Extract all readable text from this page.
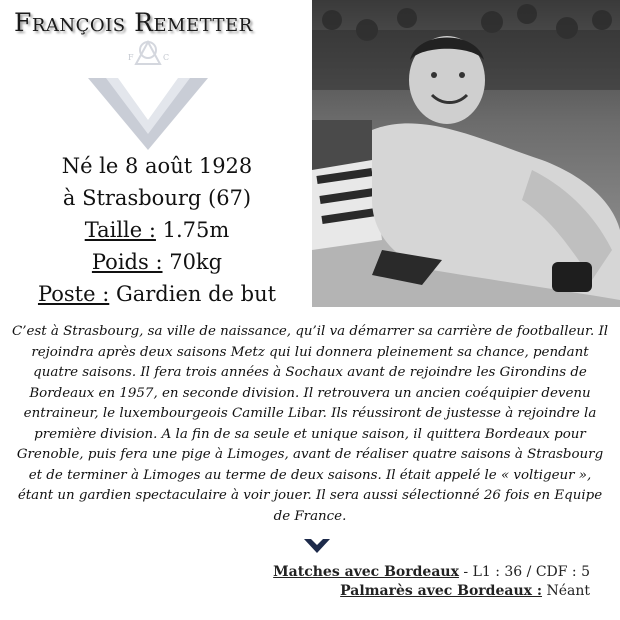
François Remetter
F	C
Né le 8 août 1928
à Strasbourg (67)
Taille : 1.75m
Poids : 70kg
Poste : Gardien de but
C’est à Strasbourg, sa ville de naissance, qu’il va démarrer sa carrière de footballeur. Il rejoindra après deux saisons Metz qui lui donnera pleinement sa chance, pendant quatre saisons. Il fera trois années à Sochaux avant de rejoindre les Girondins de Bordeaux en 1957, en seconde division. Il retrouvera un ancien coéquipier devenu entraineur, le luxembourgeois Camille Libar. Ils réussiront de justesse à rejoindre la première division. A la fin de sa seule et unique saison, il quittera Bordeaux pour Grenoble, puis fera une pige à Limoges, avant de réaliser quatre saisons à Strasbourg et de terminer à Limoges au terme de deux saisons. Il était appelé le « voltigeur », étant un gardien spectaculaire à voir jouer. Il sera aussi sélectionné 26 fois en Equipe de France.
Matches avec Bordeaux - L1 : 36 / CDF : 5
Palmarès avec Bordeaux : Néant
